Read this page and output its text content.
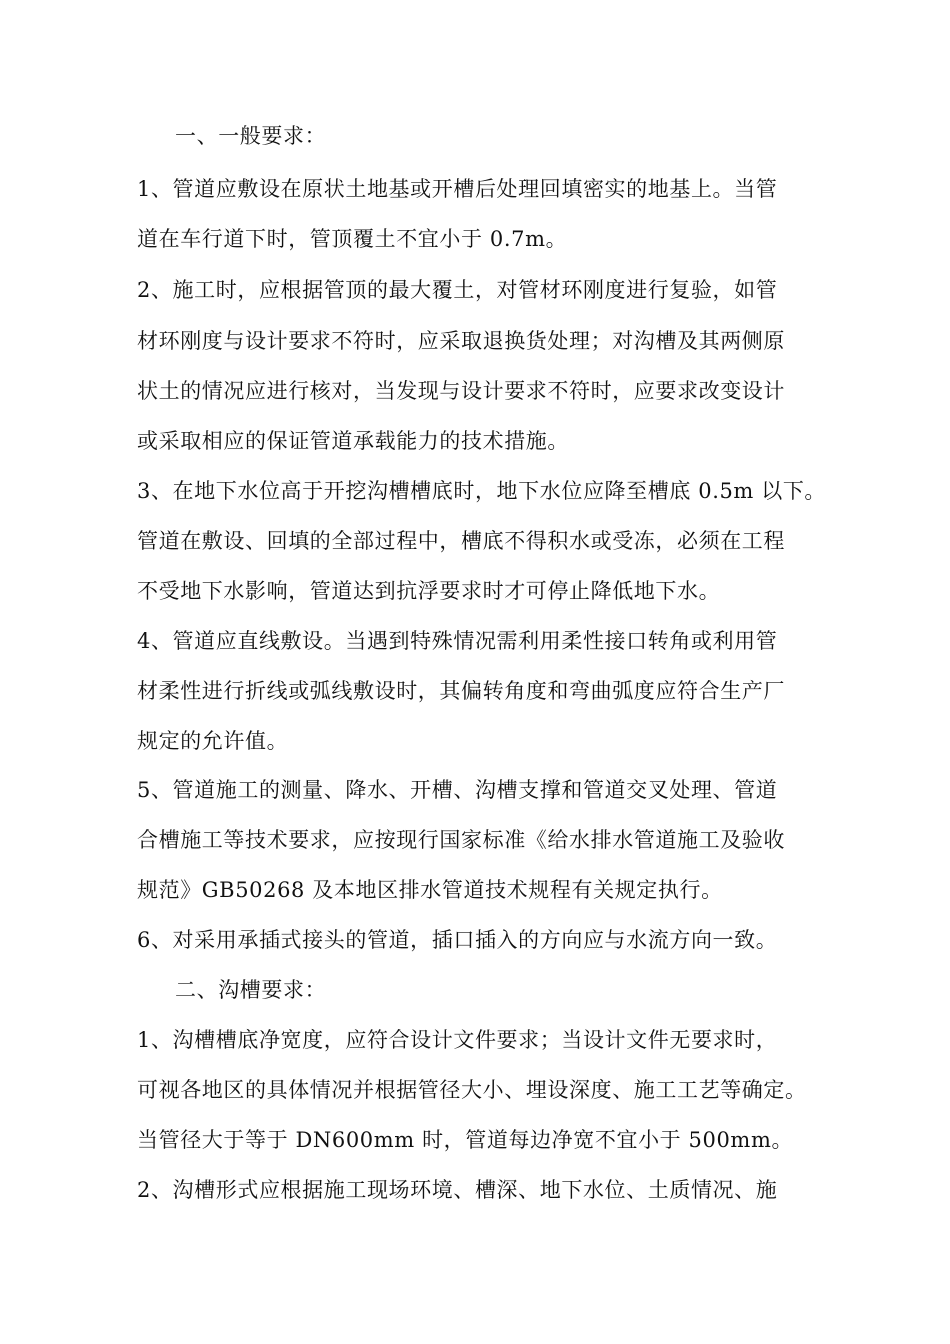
一、一般要求：
1、管道应敷设在原状土地基或开槽后处理回填密实的地基上。当管
道在车行道下时，管顶覆土不宜小于 0.7m。
2、施工时，应根据管顶的最大覆土，对管材环刚度进行复验，如管
材环刚度与设计要求不符时，应采取退换货处理；对沟槽及其两侧原
状土的情况应进行核对，当发现与设计要求不符时，应要求改变设计
或采取相应的保证管道承载能力的技术措施。
3、在地下水位高于开挖沟槽槽底时，地下水位应降至槽底 0.5m 以下。
管道在敷设、回填的全部过程中，槽底不得积水或受冻，必须在工程
不受地下水影响，管道达到抗浮要求时才可停止降低地下水。
4、管道应直线敷设。当遇到特殊情况需利用柔性接口转角或利用管
材柔性进行折线或弧线敷设时，其偏转角度和弯曲弧度应符合生产厂
规定的允许值。
5、管道施工的测量、降水、开槽、沟槽支撑和管道交叉处理、管道
合槽施工等技术要求，应按现行国家标准《给水排水管道施工及验收
规范》GB50268 及本地区排水管道技术规程有关规定执行。
6、对采用承插式接头的管道，插口插入的方向应与水流方向一致。
二、沟槽要求：
1、沟槽槽底净宽度，应符合设计文件要求；当设计文件无要求时，
可视各地区的具体情况并根据管径大小、埋设深度、施工工艺等确定。
当管径大于等于 DN600mm 时，管道每边净宽不宜小于 500mm。
2、沟槽形式应根据施工现场环境、槽深、地下水位、土质情况、施
